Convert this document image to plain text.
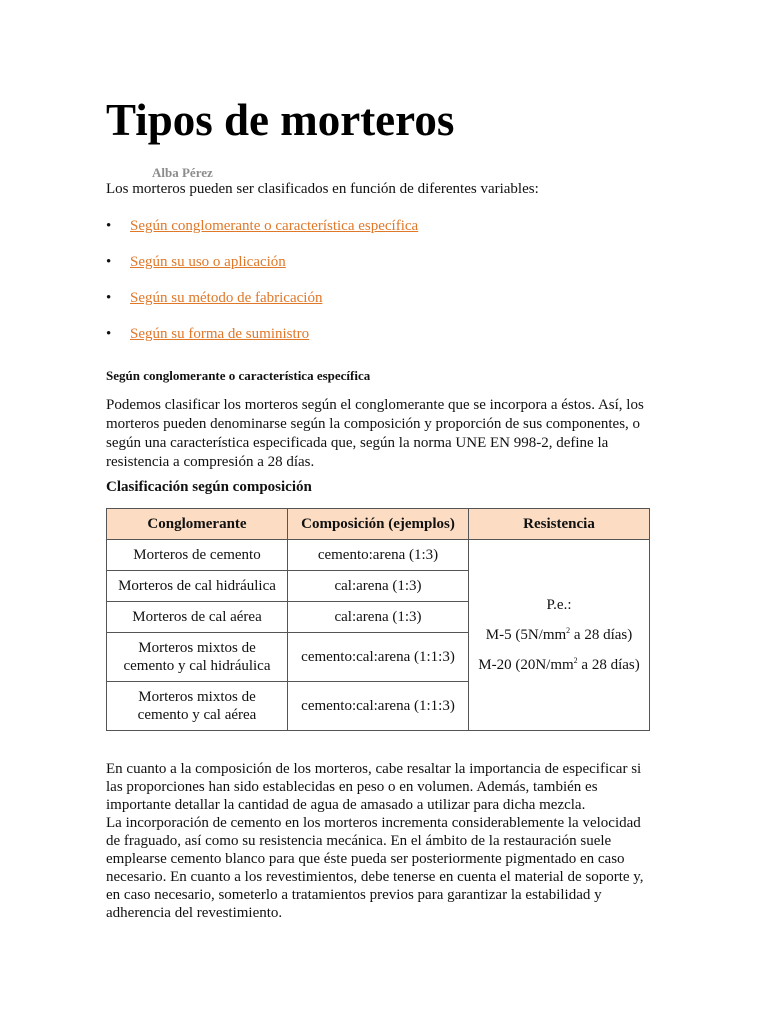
Tipos de morteros
Alba Pérez
Los morteros pueden ser clasificados en función de diferentes variables:
• Según conglomerante o característica específica
• Según su uso o aplicación
• Según su método de fabricación
• Según su forma de suministro
Según conglomerante o característica específica

Podemos clasificar los morteros según el conglomerante que se incorpora a éstos. Así, los morteros pueden denominarse según la composición y proporción de sus componentes, o según una característica especificada que, según la norma UNE EN 998-2, define la resistencia a compresión a 28 días.

Clasificación según composición
Conglomerante	Composición (ejemplos)	Resistencia
Morteros de cemento	cemento:arena (1:3)	P.e.:
M-5 ($5N/mm^2$ a 28 días)
M-20 ($20N/mm^2$ a 28 días)

Morteros de cal hidráulica	cal:arena (1:3)	
Morteros de cal aérea	cal:arena (1:3)	
Morteros mixtos de cemento y cal hidráulica	cemento:cal:arena (1:1:3)	
Morteros mixtos de cemento y cal aérea	cemento:cal:arena (1:1:3)	
En cuanto a la composición de los morteros, cabe resaltar la importancia de especificar si las proporciones han sido establecidas en peso o en volumen. Además, también es importante detallar la cantidad de agua de amasado a utilizar para dicha mezcla.
La incorporación de cemento en los morteros incrementa considerablemente la velocidad de fraguado, así como su resistencia mecánica. En el ámbito de la restauración suele emplearse cemento blanco para que éste pueda ser posteriormente pigmentado en caso necesario. En cuanto a los revestimientos, debe tenerse en cuenta el material de soporte y, en caso necesario, someterlo a tratamientos previos para garantizar la estabilidad y adherencia del revestimiento.
